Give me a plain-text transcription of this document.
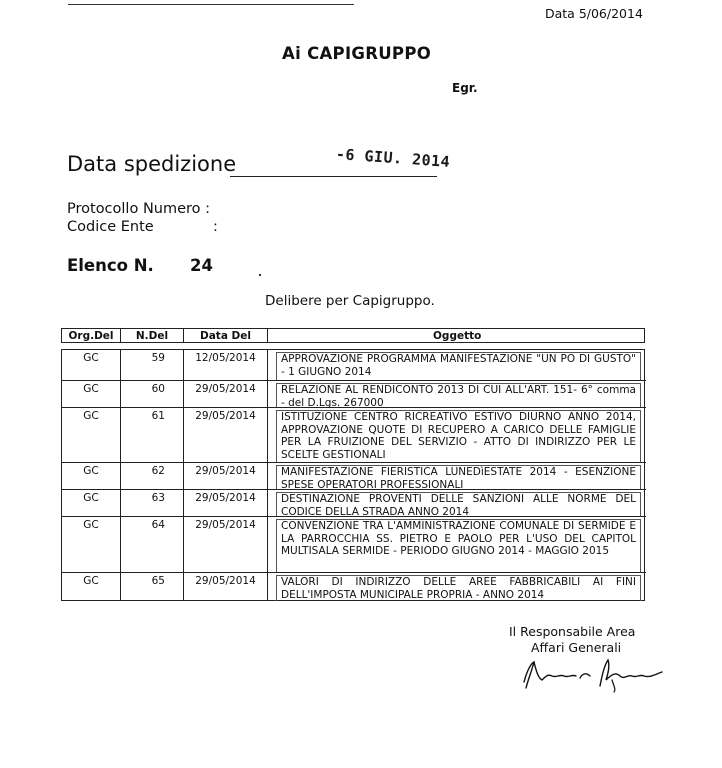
Data 5/06/2014
Ai CAPIGRUPPO
Egr.
Data spedizione	-6 GIU. 2014
Protocollo Numero :
Codice Ente	:
Elenco N. 24
Delibere per Capigruppo.
Org.Del	N.Del	Data Del	Oggetto
GC	59	12/05/2014	APPROVAZIONE PROGRAMMA MANIFESTAZIONE "UN PO DI GUSTO" - 1 GIUGNO 2014
GC	60	29/05/2014	RELAZIONE AL RENDICONTO 2013 DI CUI ALL'ART. 151- 6° comma - del D.Lgs. 267000
GC	61	29/05/2014	ISTITUZIONE CENTRO RICREATIVO ESTIVO DIURNO ANNO 2014, APPROVAZIONE QUOTE DI RECUPERO A CARICO DELLE FAMIGLIE PER LA FRUIZIONE DEL SERVIZIO - ATTO DI INDIRIZZO PER LE SCELTE GESTIONALI
GC	62	29/05/2014	MANIFESTAZIONE FIERISTICA LUNEDìESTATE 2014 - ESENZIONE SPESE OPERATORI PROFESSIONALI
GC	63	29/05/2014	DESTINAZIONE PROVENTI DELLE SANZIONI ALLE NORME DEL CODICE DELLA STRADA ANNO 2014
GC	64	29/05/2014	CONVENZIONE TRA L'AMMINISTRAZIONE COMUNALE DI SERMIDE E LA PARROCCHIA SS. PIETRO E PAOLO PER L'USO DEL CAPITOL MULTISALA SERMIDE - PERIODO GIUGNO 2014 - MAGGIO 2015
GC	65	29/05/2014	VALORI DI INDIRIZZO DELLE AREE FABBRICABILI AI FINI DELL'IMPOSTA MUNICIPALE PROPRIA - ANNO 2014
Il Responsabile Area
Affari Generali
